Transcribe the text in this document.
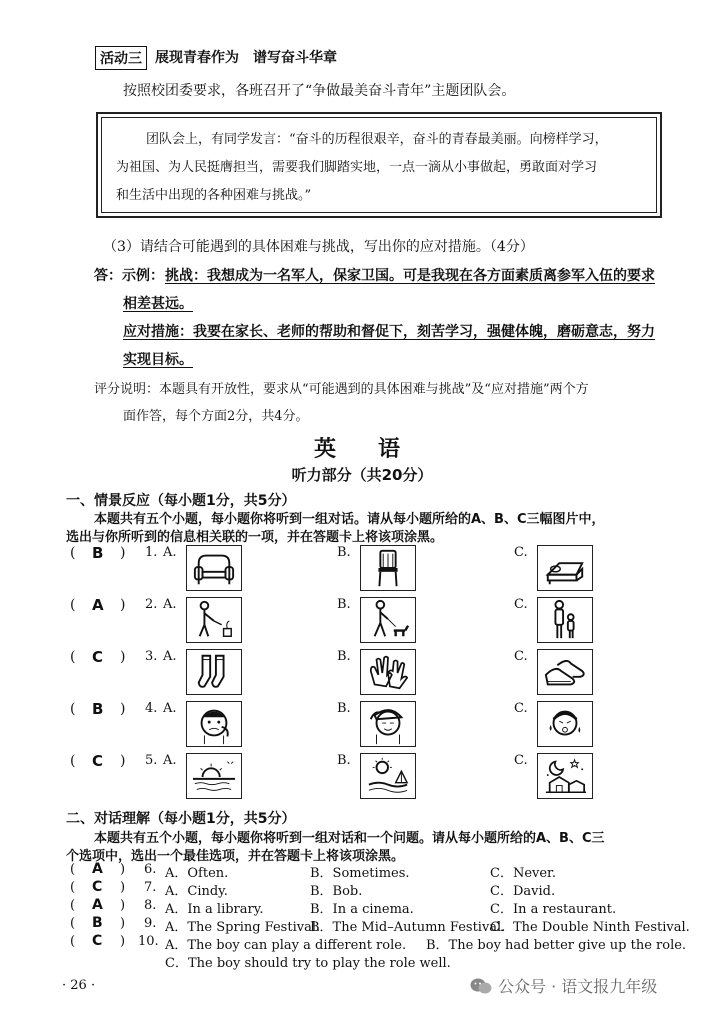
活动三 展现青春作为　谱写奋斗华章
按照校团委要求，各班召开了“争做最美奋斗青年”主题团队会。
团队会上，有同学发言：“奋斗的历程很艰辛，奋斗的青春最美丽。向榜样学习，
为祖国、为人民挺膺担当，需要我们脚踏实地，一点一滴从小事做起，勇敢面对学习
和生活中出现的各种困难与挑战。”
（3）请结合可能遇到的具体困难与挑战，写出你的应对措施。（4分）
答：示例： 挑战：我想成为一名军人，保家卫国。可是我现在各方面素质离参军入伍的要求
相差甚远。
应对措施：我要在家长、老师的帮助和督促下，刻苦学习，强健体魄，磨砺意志，努力
实现目标。
评分说明：本题具有开放性，要求从“可能遇到的具体困难与挑战”及“应对措施”两个方
面作答，每个方面2分，共4分。
英　语
听力部分（共20分）
一、情景反应（每小题1分，共5分）
本题共有五个小题，每小题你将听到一组对话。请从每小题所给的A、B、C三幅图片中，
选出与你所听到的信息相关联的一项，并在答题卡上将该项涂黑。
( B ) 1. A.	B.	C.
( A ) 2. A.	B.	C.
( C ) 3. A.	B.	C.
( B ) 4. A.	B.	C.
( C ) 5. A.	B.	C.
二、对话理解（每小题1分，共5分）
本题共有五个小题，每小题你将听到一组对话和一个问题。请从每小题所给的A、B、C三
个选项中，选出一个最佳选项，并在答题卡上将该项涂黑。
( A ) 6. A．Often.	B．Sometimes.	C．Never.
( C ) 7. A．Cindy.	B．Bob.	C．David.
( A ) 8. A．In a library.	B．In a cinema.	C．In a restaurant.
( B ) 9. A．The Spring Festival.
B．The Mid–Autumn Festival.
C．The Double Ninth Festival.
( C ) 10. A．The boy can play a different role. B．The boy had better give up the role.
C．The boy should try to play the role well.
· 26 ·	公众号 · 语文报九年级
